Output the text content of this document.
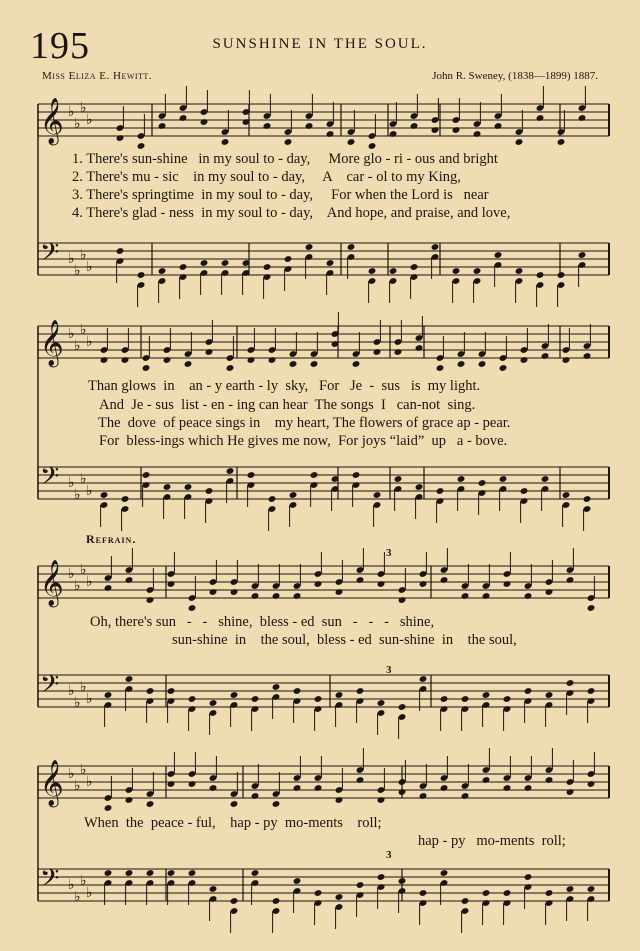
195	SUNSHINE IN THE SOUL.
Miss Eliza E. Hewitt.	John R. Sweney, (1838—1899) 1887.
𝄞 ♭
♭
♭
♭
𝄢 ♭
♭
♭
♭
𝄞 ♭
♭
♭
♭
𝄢 ♭
♭
♭
♭
𝄞 ♭
♭
♭
♭
𝄢 ♭
♭
♭
♭
3
3
𝄞 ♭
♭
♭
♭
𝄢 ♭
♭
♭
♭
3
1. There's sun-shine   in my soul to - day,     More glo - ri - ous and bright
2. There's mu - sic    in my soul to - day,     A    car - ol to my King,
3. There's springtime  in my soul to - day,     For when the Lord is   near
4. There's glad - ness  in my soul to - day,    And hope, and praise, and love,
Than glows  in    an - y earth - ly  sky,   For   Je  -  sus   is  my light.
And  Je - sus  list - en - ing can hear  The songs  I   can-not  sing.
The  dove  of peace sings in    my heart, The flowers of grace ap - pear.
For  bless-ings which He gives me now,  For joys “laid”  up   a - bove.
Refrain.
Oh, there's sun   -   -   shine,  bless - ed  sun   -   -   -   shine,
sun-shine  in    the soul,  bless - ed  sun-shine  in    the soul,
When  the  peace - ful,    hap - py  mo-ments    roll;
hap - py   mo-ments  roll;
